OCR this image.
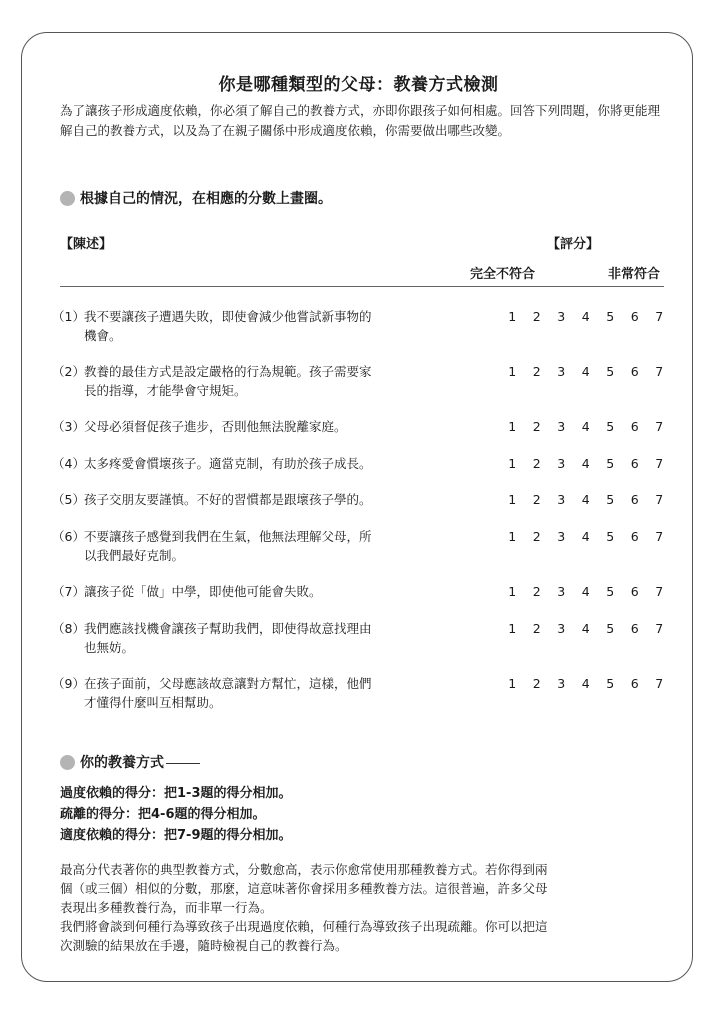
你是哪種類型的父母：教養方式檢測
為了讓孩子形成適度依賴，你必須了解自己的教養方式，亦即你跟孩子如何相處。回答下列問題，你將更能理解自己的教養方式，以及為了在親子關係中形成適度依賴，你需要做出哪些改變。
根據自己的情況，在相應的分數上畫圈。
【陳述】	【評分】
完全不符合	非常符合
（1） 我不要讓孩子遭遇失敗，即使會減少他嘗試新事物的
機會。
1	2	3	4	5	6	7
（2） 教養的最佳方式是設定嚴格的行為規範。孩子需要家
長的指導，才能學會守規矩。
1	2	3	4	5	6	7
（3） 父母必須督促孩子進步，否則他無法脫離家庭。	1	2	3	4	5	6	7
（4） 太多疼愛會慣壞孩子。適當克制，有助於孩子成長。	1	2	3	4	5	6	7
（5） 孩子交朋友要謹慎。不好的習慣都是跟壞孩子學的。	1	2	3	4	5	6	7
（6） 不要讓孩子感覺到我們在生氣，他無法理解父母，所
以我們最好克制。
1	2	3	4	5	6	7
（7） 讓孩子從「做」中學，即使他可能會失敗。	1	2	3	4	5	6	7
（8） 我們應該找機會讓孩子幫助我們，即使得故意找理由
也無妨。
1	2	3	4	5	6	7
（9） 在孩子面前，父母應該故意讓對方幫忙，這樣，他們
才懂得什麼叫互相幫助。
1	2	3	4	5	6	7
你的教養方式
過度依賴的得分：把1-3題的得分相加。
疏離的得分：把4-6題的得分相加。
適度依賴的得分：把7-9題的得分相加。
最高分代表著你的典型教養方式，分數愈高，表示你愈常使用那種教養方式。若你得到兩
個（或三個）相似的分數，那麼，這意味著你會採用多種教養方法。這很普遍，許多父母
表現出多種教養行為，而非單一行為。
我們將會談到何種行為導致孩子出現過度依賴，何種行為導致孩子出現疏離。你可以把這
次測驗的結果放在手邊，隨時檢視自己的教養行為。
